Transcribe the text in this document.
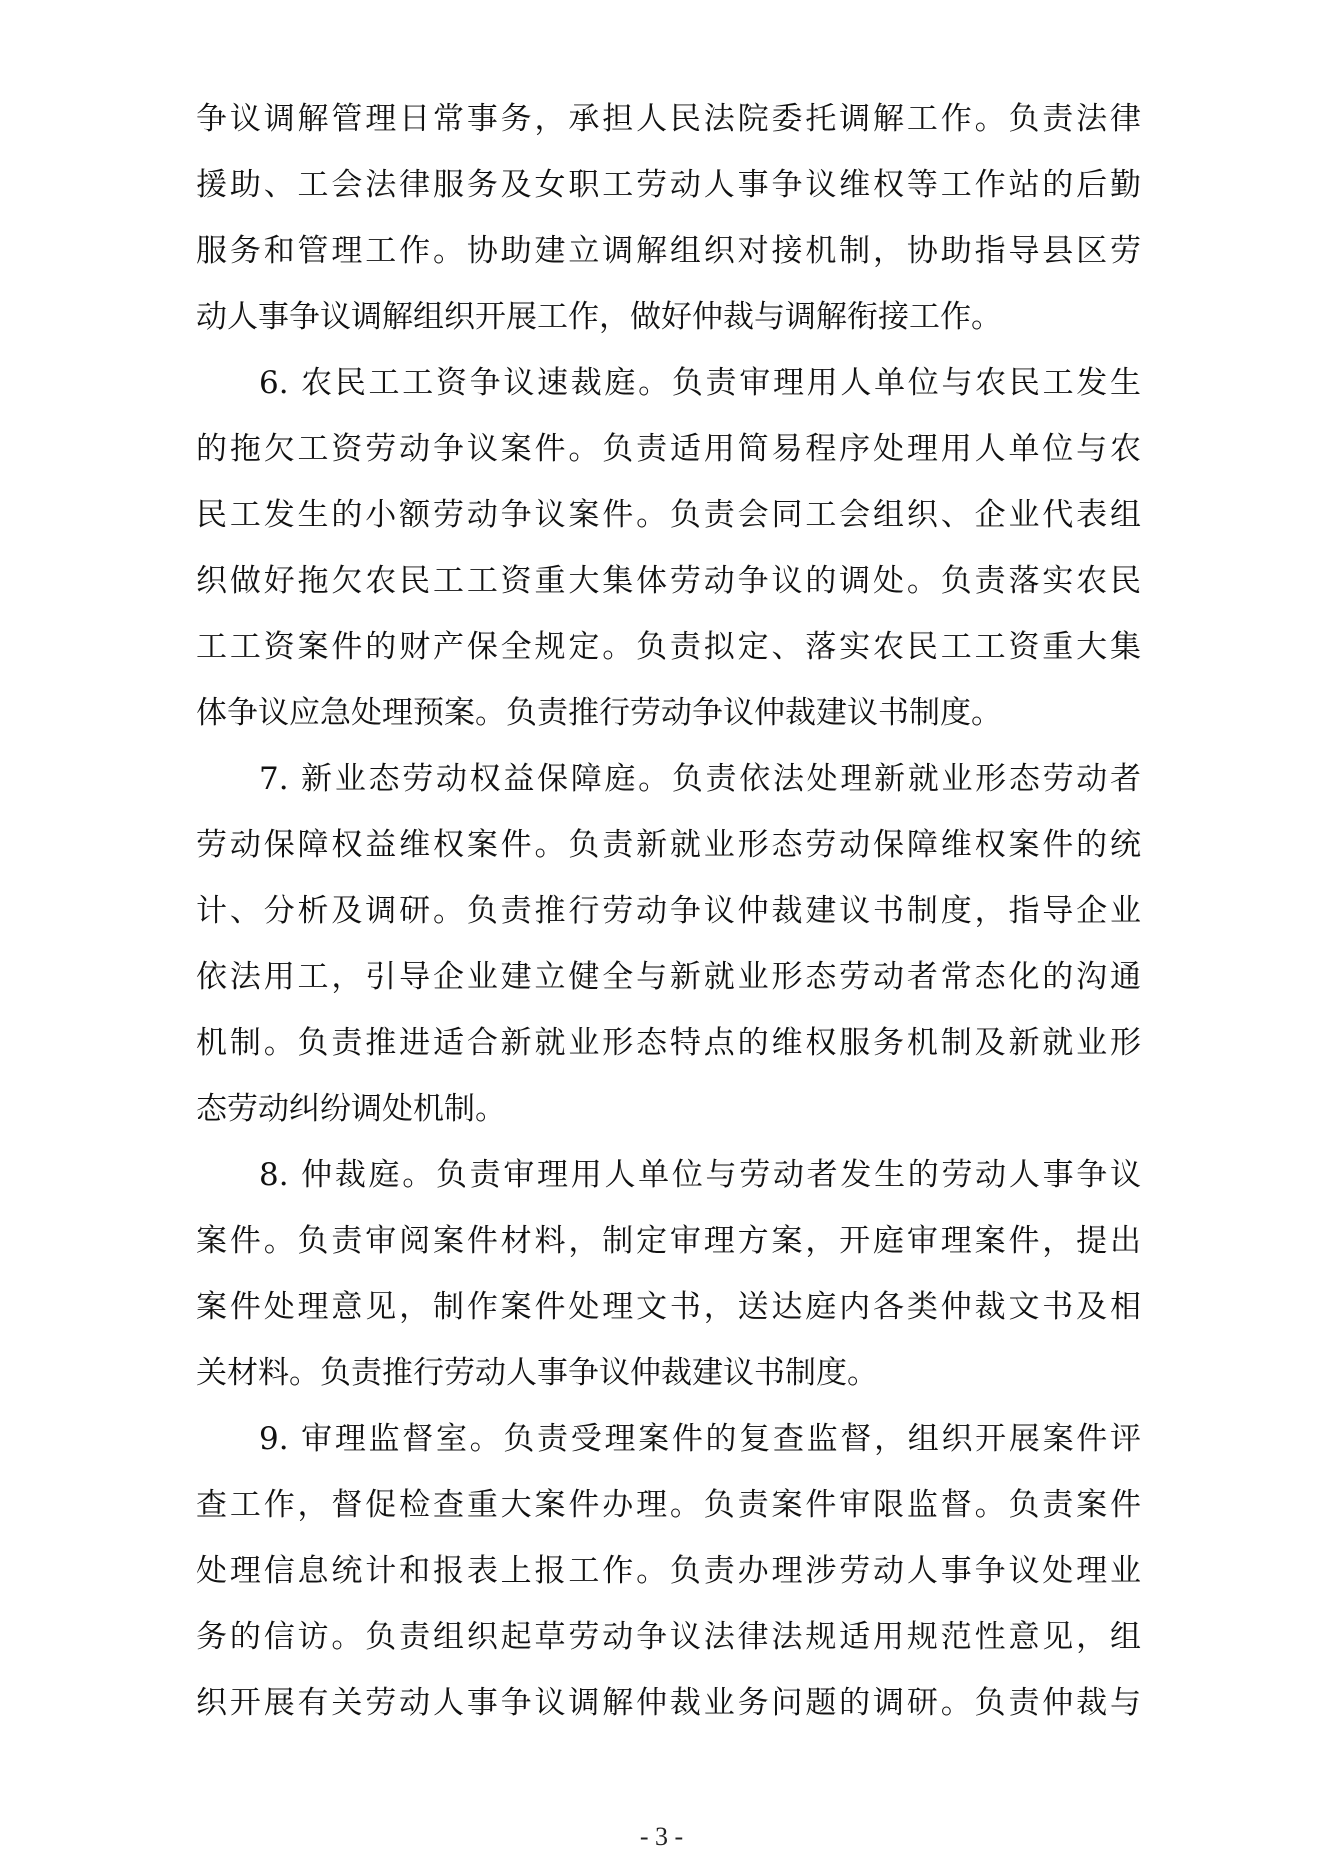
争议调解管理日常事务，承担人民法院委托调解工作。负责法律
援助、工会法律服务及女职工劳动人事争议维权等工作站的后勤
服务和管理工作。协助建立调解组织对接机制，协助指导县区劳
动人事争议调解组织开展工作，做好仲裁与调解衔接工作。
6. 农民工工资争议速裁庭。负责审理用人单位与农民工发生
的拖欠工资劳动争议案件。负责适用简易程序处理用人单位与农
民工发生的小额劳动争议案件。负责会同工会组织、企业代表组
织做好拖欠农民工工资重大集体劳动争议的调处。负责落实农民
工工资案件的财产保全规定。负责拟定、落实农民工工资重大集
体争议应急处理预案。负责推行劳动争议仲裁建议书制度。
7. 新业态劳动权益保障庭。负责依法处理新就业形态劳动者
劳动保障权益维权案件。负责新就业形态劳动保障维权案件的统
计、分析及调研。负责推行劳动争议仲裁建议书制度，指导企业
依法用工，引导企业建立健全与新就业形态劳动者常态化的沟通
机制。负责推进适合新就业形态特点的维权服务机制及新就业形
态劳动纠纷调处机制。
8. 仲裁庭。负责审理用人单位与劳动者发生的劳动人事争议
案件。负责审阅案件材料，制定审理方案，开庭审理案件，提出
案件处理意见，制作案件处理文书，送达庭内各类仲裁文书及相
关材料。负责推行劳动人事争议仲裁建议书制度。
9. 审理监督室。负责受理案件的复查监督，组织开展案件评
查工作，督促检查重大案件办理。负责案件审限监督。负责案件
处理信息统计和报表上报工作。负责办理涉劳动人事争议处理业
务的信访。负责组织起草劳动争议法律法规适用规范性意见，组
织开展有关劳动人事争议调解仲裁业务问题的调研。负责仲裁与
- 3 -
